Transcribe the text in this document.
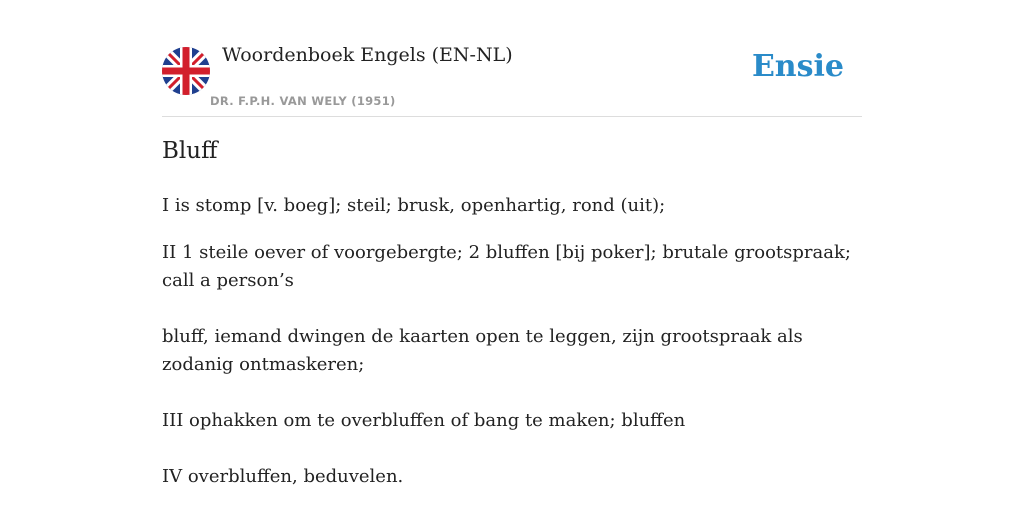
Woordenboek Engels (EN-NL)
DR. F.P.H. VAN WELY (1951)
Ensie
Bluff

I is stomp [v. boeg]; steil; brusk, openhartig, rond (uit);

II 1 steile oever of voorgebergte; 2 bluffen [bij poker]; brutale grootspraak; call a person’s

bluff, iemand dwingen de kaarten open te leggen, zijn grootspraak als zodanig ontmaskeren;

III ophakken om te overbluffen of bang te maken; bluffen

IV overbluffen, beduvelen.
